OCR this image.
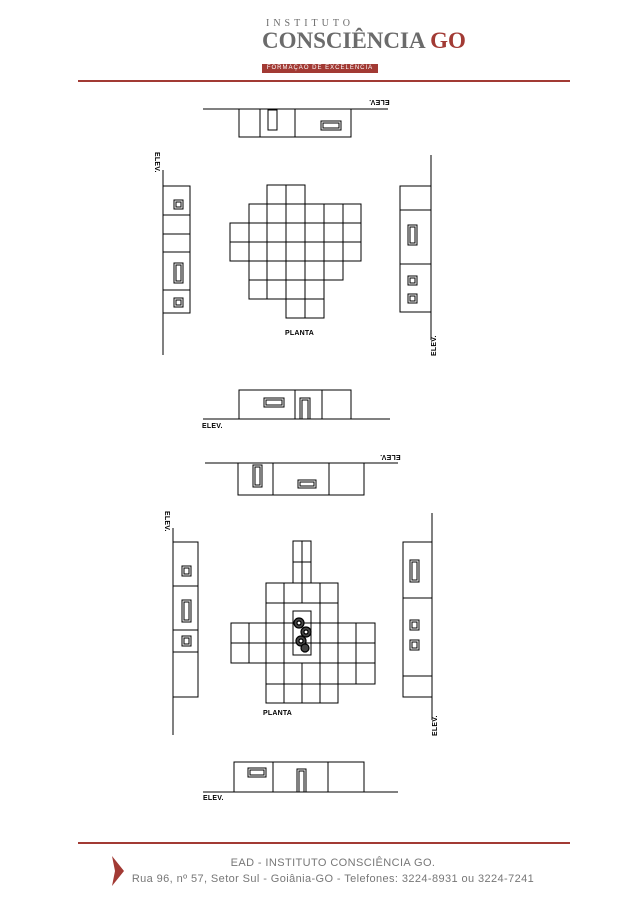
INSTITUTO
CONSCIÊNCIA GO
FORMAÇÃO DE EXCELÊNCIA
ELEV.
ELEV.
ELEV.
ELEV.
PLANTA
ELEV.
ELEV.
ELEV.
ELEV.
PLANTA
EAD - INSTITUTO CONSCIÊNCIA GO.
Rua 96, nº 57, Setor Sul - Goiânia-GO - Telefones: 3224-8931 ou 3224-7241
